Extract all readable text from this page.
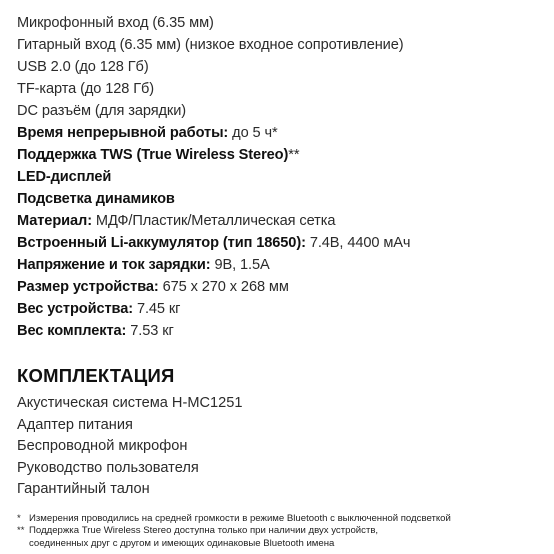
Микрофонный вход (6.35 мм)
Гитарный вход (6.35 мм) (низкое входное сопротивление)
USB 2.0 (до 128 Гб)
TF-карта (до 128 Гб)
DC разъём (для зарядки)
Время непрерывной работы: до 5 ч*
Поддержка TWS (True Wireless Stereo)**
LED-дисплей
Подсветка динамиков
Материал: МДФ/Пластик/Металлическая сетка
Встроенный Li-аккумулятор (тип 18650): 7.4В, 4400 мАч
Напряжение и ток зарядки: 9В, 1.5А
Размер устройства: 675 x 270 x 268 мм
Вес устройства: 7.45 кг
Вес комплекта: 7.53 кг
КОМПЛЕКТАЦИЯ
Акустическая система H-MC1251
Адаптер питания
Беспроводной микрофон
Руководство пользователя
Гарантийный талон
* Измерения проводились на средней громкости в режиме Bluetooth с выключенной подсветкой
** Поддержка True Wireless Stereo доступна только при наличии двух устройств,
соединенных друг с другом и имеющих одинаковые Bluetooth имена
